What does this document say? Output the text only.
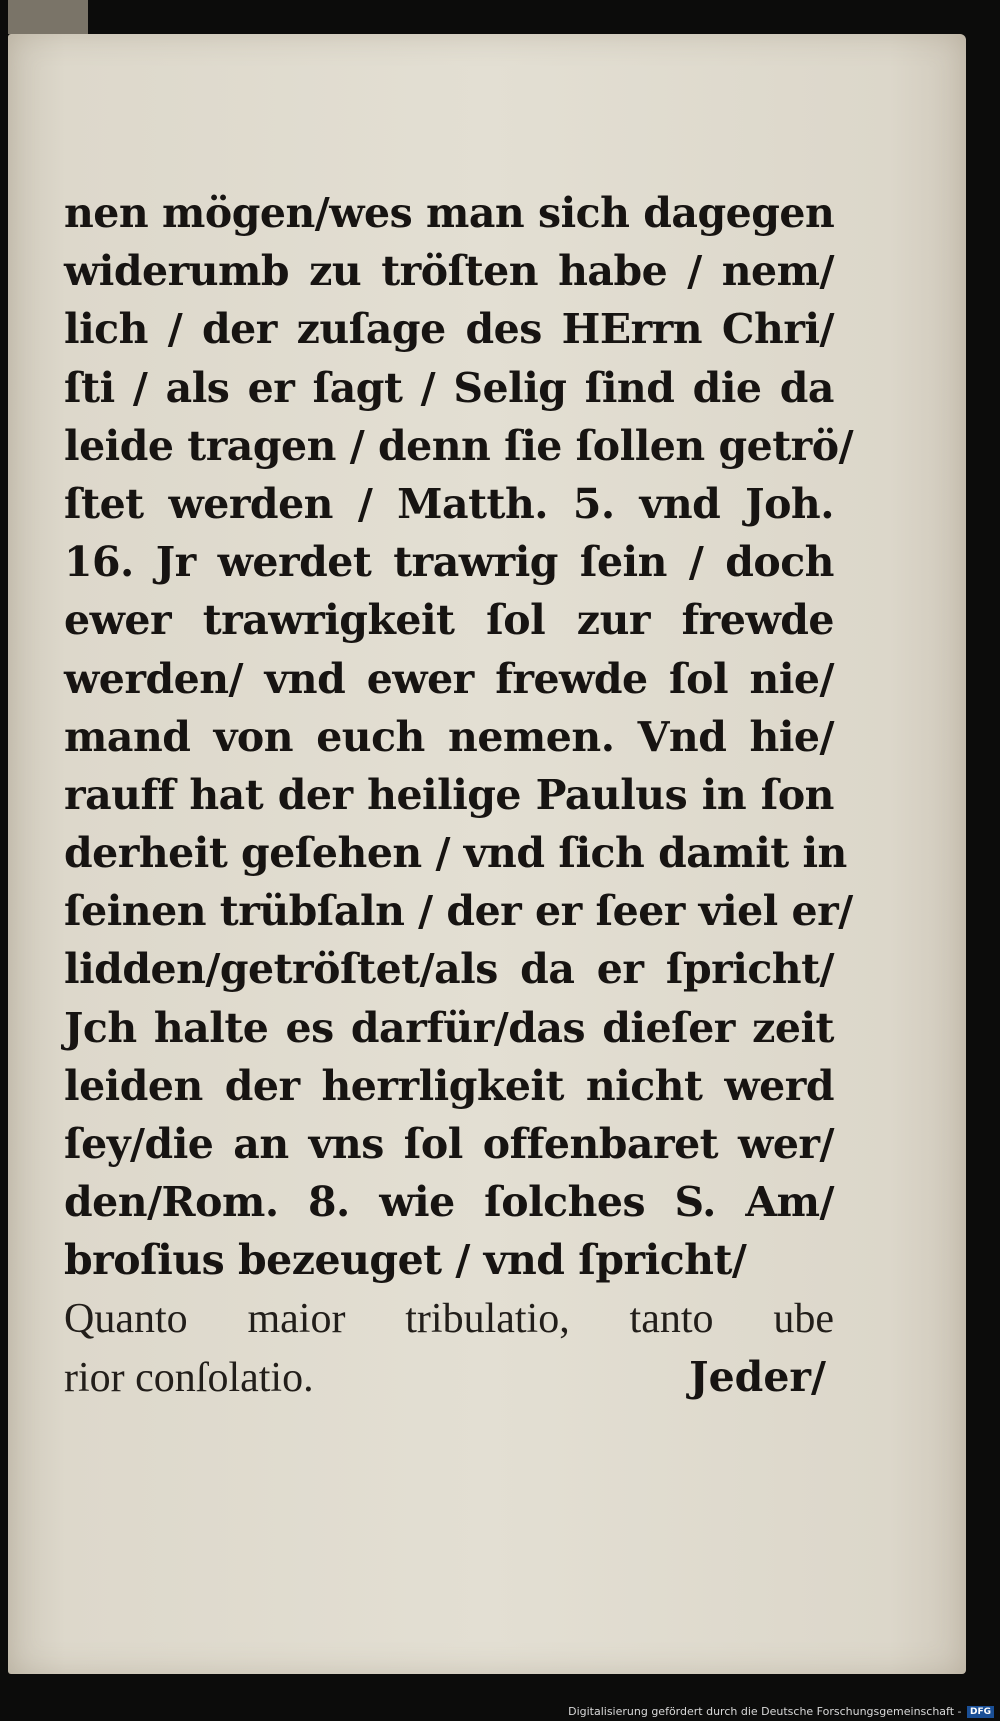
nen mögen/wes man sich dagegen
widerumb zu tröſten habe / nem/
lich / der zuſage des HErrn Chri/
ſti / als er ſagt / Selig ſind die da
leide tragen / denn ſie ſollen getrö/
ſtet werden / Matth. 5. vnd Joh.
16. Jr werdet trawrig ſein / doch
ewer trawrigkeit ſol zur frewde
werden/ vnd ewer frewde ſol nie/
mand von euch nemen. Vnd hie/
rauff hat der heilige Paulus in ſon
derheit geſehen / vnd ſich damit in
ſeinen trübſaln / der er ſeer viel er/
lidden/getröſtet/als da er ſpricht/
Jch halte es darfür/das dieſer zeit
leiden der herrligkeit nicht werd
ſey/die an vns ſol offenbaret wer/
den/Rom. 8. wie ſolches S. Am/
broſius bezeuget / vnd ſpricht/
Quanto maior tribulatio, tanto ube
rior conſolatio.	Jeder/
Digitalisierung gefördert durch die Deutsche Forschungsgemeinschaft - DFG
